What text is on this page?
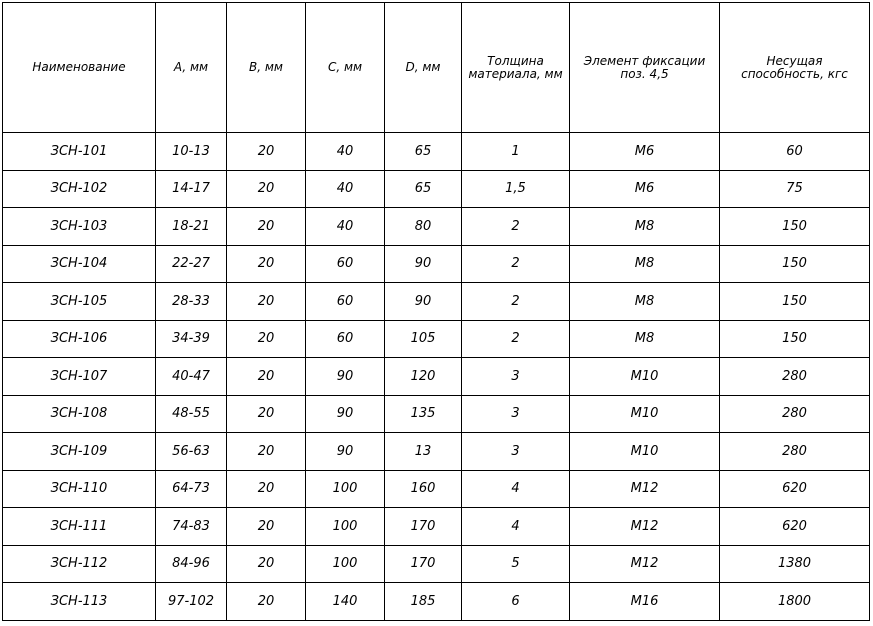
Наименование	A, мм	B, мм	C, мм	D, мм	Толщина материала, мм	Элемент фиксации поз. 4,5	Несущая способность, кгс
ЗСН-101	10-13	20	40	65	1	M6	60
ЗСН-102	14-17	20	40	65	1,5	M6	75
ЗСН-103	18-21	20	40	80	2	M8	150
ЗСН-104	22-27	20	60	90	2	M8	150
ЗСН-105	28-33	20	60	90	2	M8	150
ЗСН-106	34-39	20	60	105	2	M8	150
ЗСН-107	40-47	20	90	120	3	M10	280
ЗСН-108	48-55	20	90	135	3	M10	280
ЗСН-109	56-63	20	90	13	3	M10	280
ЗСН-110	64-73	20	100	160	4	M12	620
ЗСН-111	74-83	20	100	170	4	M12	620
ЗСН-112	84-96	20	100	170	5	M12	1380
ЗСН-113	97-102	20	140	185	6	M16	1800
